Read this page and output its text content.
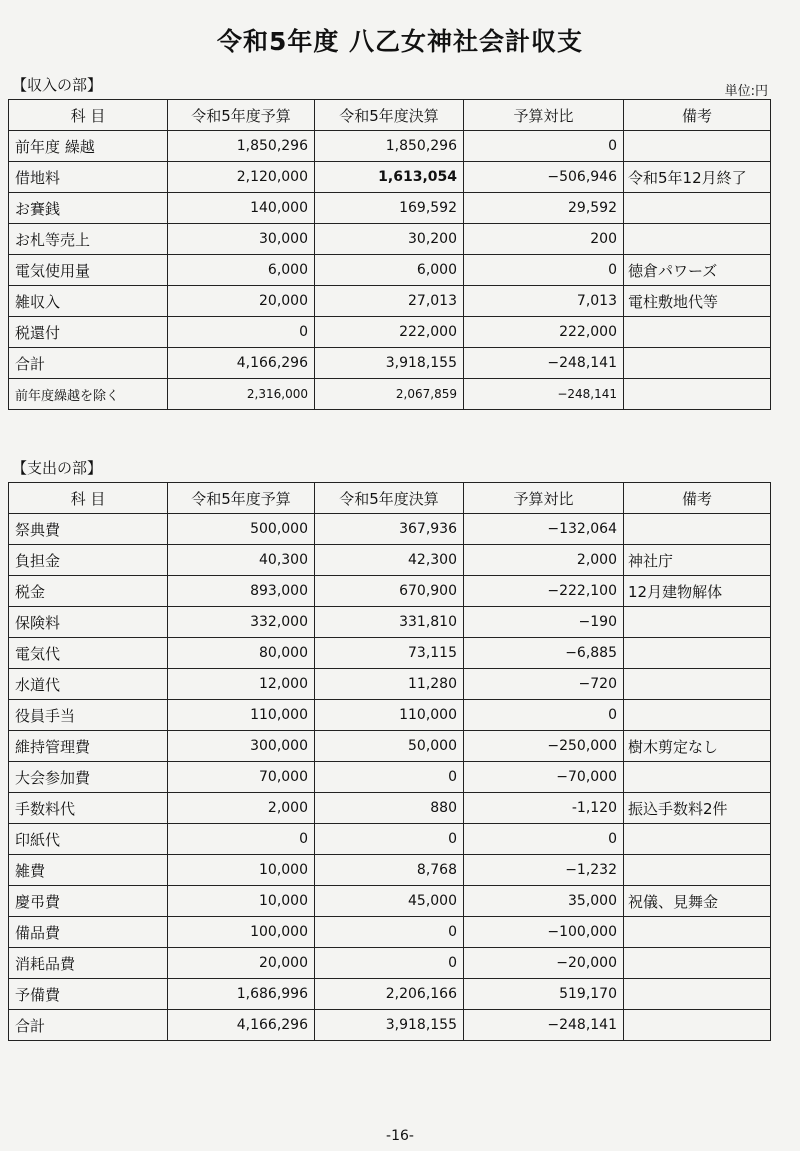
令和5年度 八乙女神社会計収支
【収入の部】	単位:円
科 目	令和5年度予算	令和5年度決算	予算対比	備考
前年度 繰越	1,850,296	1,850,296	0	
借地料	2,120,000	1,613,054	−506,946	令和5年12月終了
お賽銭	140,000	169,592	29,592	
お札等売上	30,000	30,200	200	
電気使用量	6,000	6,000	0	徳倉パワーズ
雑収入	20,000	27,013	7,013	電柱敷地代等
税還付	0	222,000	222,000	
合計	4,166,296	3,918,155	−248,141	
前年度繰越を除く	2,316,000	2,067,859	−248,141	
【支出の部】
科 目	令和5年度予算	令和5年度決算	予算対比	備考
祭典費	500,000	367,936	−132,064	
負担金	40,300	42,300	2,000	神社庁
税金	893,000	670,900	−222,100	12月建物解体
保険料	332,000	331,810	−190	
電気代	80,000	73,115	−6,885	
水道代	12,000	11,280	−720	
役員手当	110,000	110,000	0	
維持管理費	300,000	50,000	−250,000	樹木剪定なし
大会参加費	70,000	0	−70,000	
手数料代	2,000	880	-1,120	振込手数料2件
印紙代	0	0	0	
雑費	10,000	8,768	−1,232	
慶弔費	10,000	45,000	35,000	祝儀、見舞金
備品費	100,000	0	−100,000	
消耗品費	20,000	0	−20,000	
予備費	1,686,996	2,206,166	519,170	
合計	4,166,296	3,918,155	−248,141	
-16-
